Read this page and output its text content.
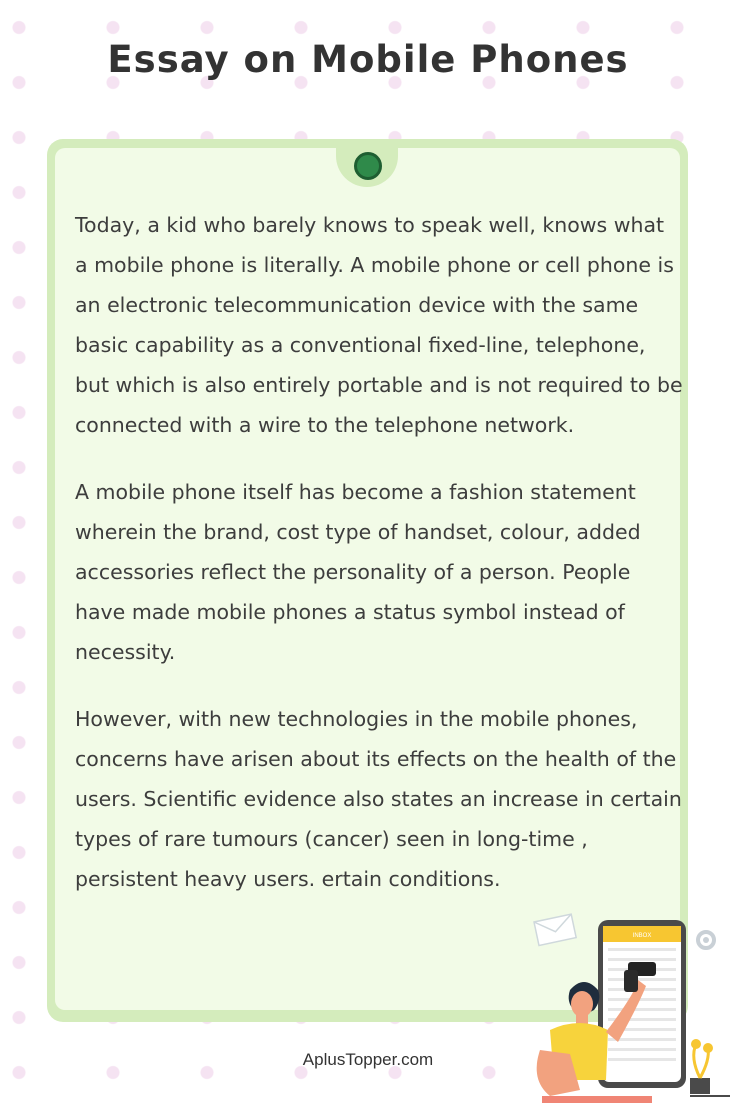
Essay on Mobile Phones

Today, a kid who barely knows to speak well, knows what a mobile phone is literally. A mobile phone or cell phone is an electronic telecommunication device with the same basic capability as a conventional fixed-line, telephone, but which is also entirely portable and is not required to be connected with a wire to the telephone network.

A mobile phone itself has become a fashion statement wherein the brand, cost type of handset, colour, added accessories reflect the personality of a person. People have made mobile phones a status symbol instead of necessity.

However, with new technologies in the mobile phones, concerns have arisen about its effects on the health of the users. Scientific evidence also states an increase in certain types of rare tumours (cancer) seen in long-time , persistent heavy users. ertain conditions.

INBOX
AplusTopper.com
